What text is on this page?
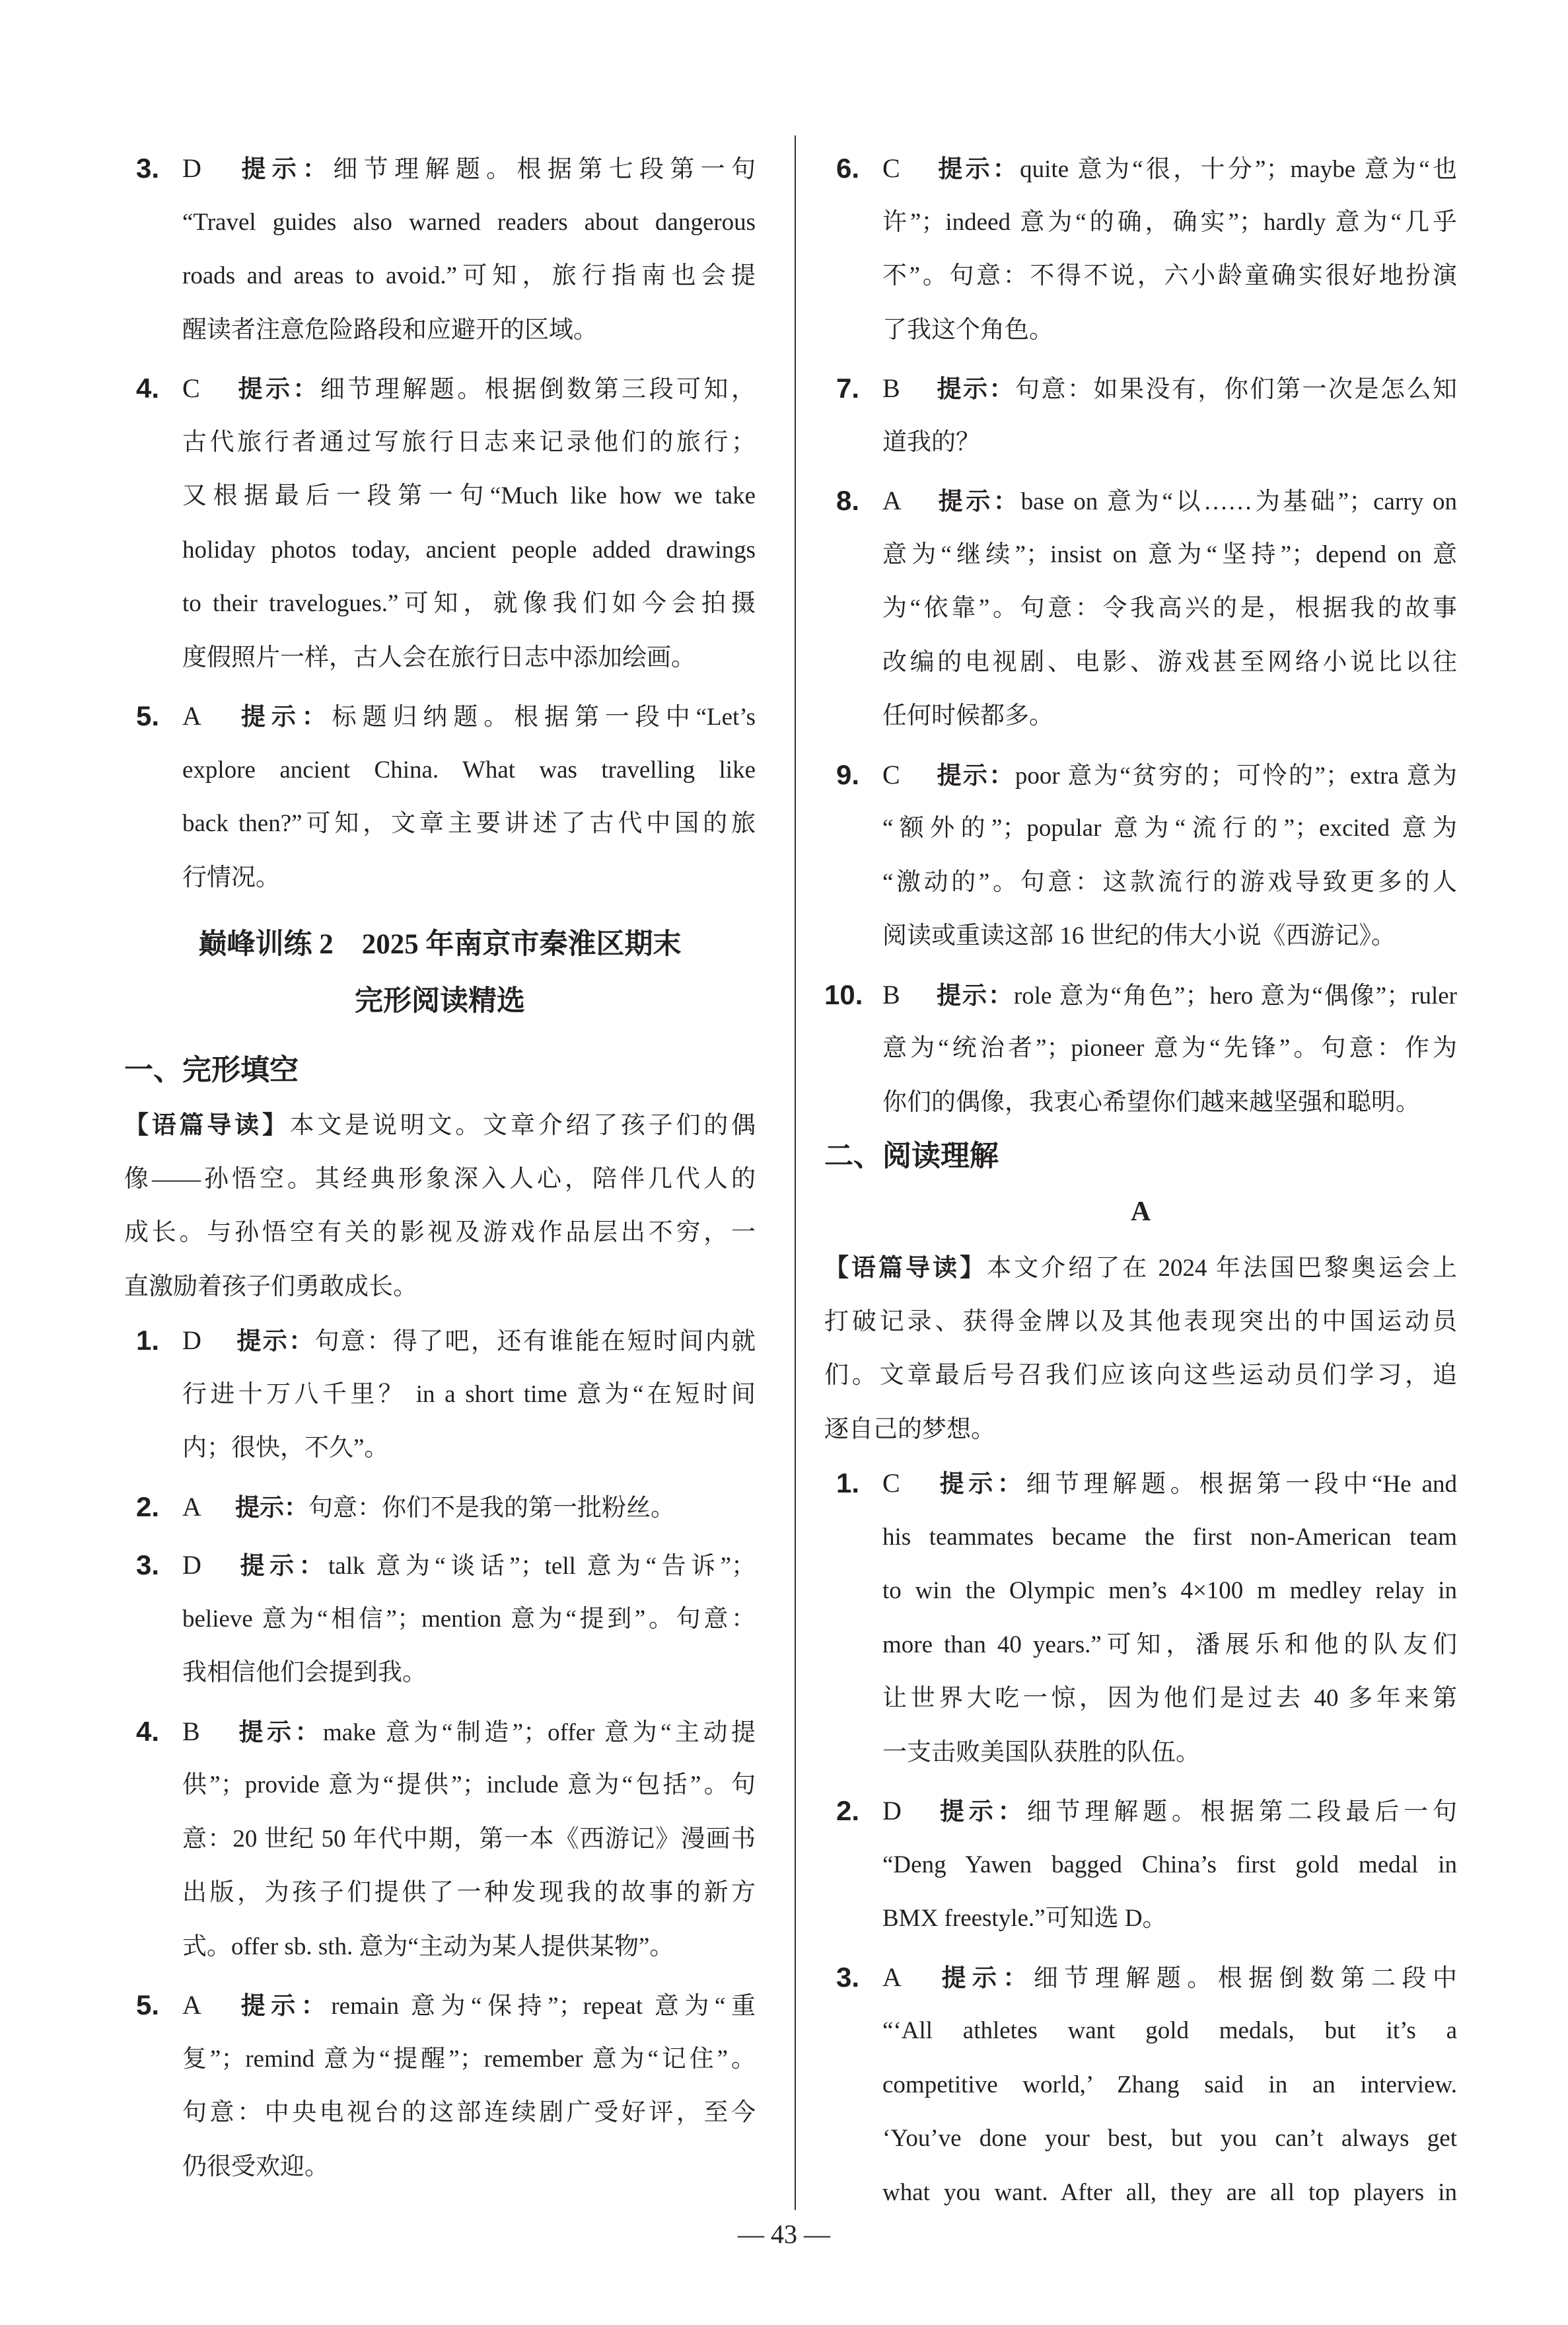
3. D 提示：细节理解题。根据第七段第一句
“Travel guides also warned readers about dangerous
roads and areas to avoid.”可知，旅行指南也会提
醒读者注意危险路段和应避开的区域。
4. C 提示：细节理解题。根据倒数第三段可知，
古代旅行者通过写旅行日志来记录他们的旅行；
又根据最后一段第一句“Much like how we take
holiday photos today, ancient people added drawings
to their travelogues.”可知，就像我们如今会拍摄
度假照片一样，古人会在旅行日志中添加绘画。
5. A 提示：标题归纳题。根据第一段中“Let’s
explore ancient China. What was travelling like
back then?”可知，文章主要讲述了古代中国的旅
行情况。
巅峰训练 2　2025 年南京市秦淮区期末
完形阅读精选
一、完形填空
【语篇导读】本文是说明文。文章介绍了孩子们的偶
像——孙悟空。其经典形象深入人心，陪伴几代人的
成长。与孙悟空有关的影视及游戏作品层出不穷，一
直激励着孩子们勇敢成长。
1. D 提示：句意：得了吧，还有谁能在短时间内就
行进十万八千里？ in a short time 意为“在短时间
内；很快，不久”。
2. A 提示：句意：你们不是我的第一批粉丝。
3. D 提示：talk 意为“谈话”；tell 意为“告诉”；
believe 意为“相信”；mention 意为“提到”。句意：
我相信他们会提到我。
4. B 提示：make 意为“制造”；offer 意为“主动提
供”；provide 意为“提供”；include 意为“包括”。句
意：20 世纪 50 年代中期，第一本《西游记》漫画书
出版，为孩子们提供了一种发现我的故事的新方
式。offer sb. sth. 意为“主动为某人提供某物”。
5. A 提示：remain 意为“保持”；repeat 意为“重
复”；remind 意为“提醒”；remember 意为“记住”。
句意：中央电视台的这部连续剧广受好评，至今
仍很受欢迎。
6. C 提示：quite 意为“很，十分”；maybe 意为“也
许”；indeed 意为“的确，确实”；hardly 意为“几乎
不”。句意：不得不说，六小龄童确实很好地扮演
了我这个角色。
7. B 提示：句意：如果没有，你们第一次是怎么知
道我的？
8. A 提示：base on 意为“以……为基础”；carry on
意为“继续”；insist on 意为“坚持”；depend on 意
为“依靠”。句意：令我高兴的是，根据我的故事
改编的电视剧、电影、游戏甚至网络小说比以往
任何时候都多。
9. C 提示：poor 意为“贫穷的；可怜的”；extra 意为
“额外的”；popular 意为“流行的”；excited 意为
“激动的”。句意：这款流行的游戏导致更多的人
阅读或重读这部 16 世纪的伟大小说《西游记》。
10. B 提示：role 意为“角色”；hero 意为“偶像”；ruler
意为“统治者”；pioneer 意为“先锋”。句意：作为
你们的偶像，我衷心希望你们越来越坚强和聪明。
二、阅读理解
A
【语篇导读】本文介绍了在 2024 年法国巴黎奥运会上
打破记录、获得金牌以及其他表现突出的中国运动员
们。文章最后号召我们应该向这些运动员们学习，追
逐自己的梦想。
1. C 提示：细节理解题。根据第一段中“He and
his teammates became the first non-American team
to win the Olympic men’s 4×100 m medley relay in
more than 40 years.”可知，潘展乐和他的队友们
让世界大吃一惊，因为他们是过去 40 多年来第
一支击败美国队获胜的队伍。
2. D 提示：细节理解题。根据第二段最后一句
“Deng Yawen bagged China’s first gold medal in
BMX freestyle.”可知选 D。
3. A 提示：细节理解题。根据倒数第二段中
“‘All athletes want gold medals, but it’s a
competitive world,’ Zhang said in an interview.
‘You’ve done your best, but you can’t always get
what you want. After all, they are all top players in
— 43 —
